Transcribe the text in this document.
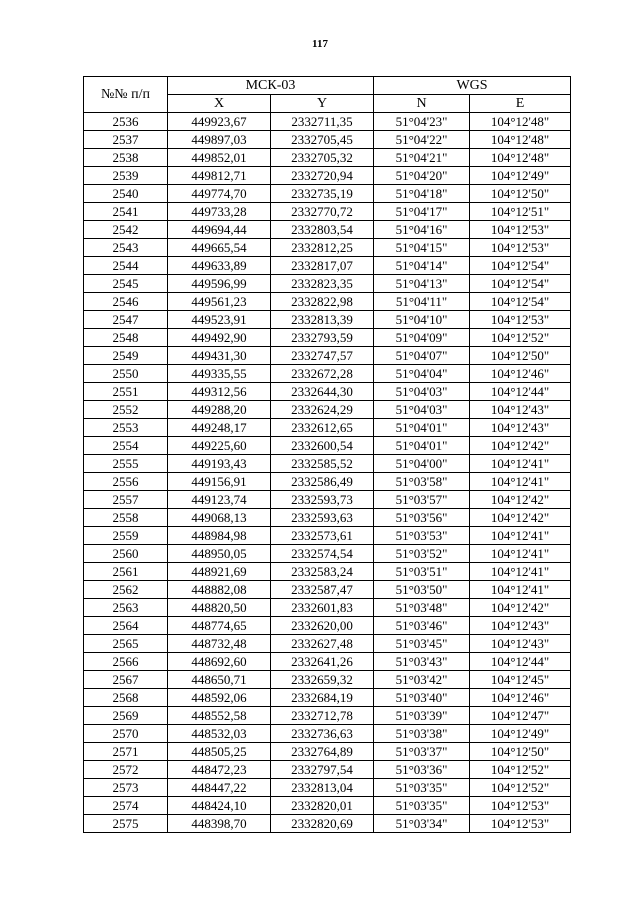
117
№№ п/п	МСК-03		WGS	
	X	Y	N	E
2536	449923,67	2332711,35	51°04'23"	104°12'48"
2537	449897,03	2332705,45	51°04'22"	104°12'48"
2538	449852,01	2332705,32	51°04'21"	104°12'48"
2539	449812,71	2332720,94	51°04'20"	104°12'49"
2540	449774,70	2332735,19	51°04'18"	104°12'50"
2541	449733,28	2332770,72	51°04'17"	104°12'51"
2542	449694,44	2332803,54	51°04'16"	104°12'53"
2543	449665,54	2332812,25	51°04'15"	104°12'53"
2544	449633,89	2332817,07	51°04'14"	104°12'54"
2545	449596,99	2332823,35	51°04'13"	104°12'54"
2546	449561,23	2332822,98	51°04'11"	104°12'54"
2547	449523,91	2332813,39	51°04'10"	104°12'53"
2548	449492,90	2332793,59	51°04'09"	104°12'52"
2549	449431,30	2332747,57	51°04'07"	104°12'50"
2550	449335,55	2332672,28	51°04'04"	104°12'46"
2551	449312,56	2332644,30	51°04'03"	104°12'44"
2552	449288,20	2332624,29	51°04'03"	104°12'43"
2553	449248,17	2332612,65	51°04'01"	104°12'43"
2554	449225,60	2332600,54	51°04'01"	104°12'42"
2555	449193,43	2332585,52	51°04'00"	104°12'41"
2556	449156,91	2332586,49	51°03'58"	104°12'41"
2557	449123,74	2332593,73	51°03'57"	104°12'42"
2558	449068,13	2332593,63	51°03'56"	104°12'42"
2559	448984,98	2332573,61	51°03'53"	104°12'41"
2560	448950,05	2332574,54	51°03'52"	104°12'41"
2561	448921,69	2332583,24	51°03'51"	104°12'41"
2562	448882,08	2332587,47	51°03'50"	104°12'41"
2563	448820,50	2332601,83	51°03'48"	104°12'42"
2564	448774,65	2332620,00	51°03'46"	104°12'43"
2565	448732,48	2332627,48	51°03'45"	104°12'43"
2566	448692,60	2332641,26	51°03'43"	104°12'44"
2567	448650,71	2332659,32	51°03'42"	104°12'45"
2568	448592,06	2332684,19	51°03'40"	104°12'46"
2569	448552,58	2332712,78	51°03'39"	104°12'47"
2570	448532,03	2332736,63	51°03'38"	104°12'49"
2571	448505,25	2332764,89	51°03'37"	104°12'50"
2572	448472,23	2332797,54	51°03'36"	104°12'52"
2573	448447,22	2332813,04	51°03'35"	104°12'52"
2574	448424,10	2332820,01	51°03'35"	104°12'53"
2575	448398,70	2332820,69	51°03'34"	104°12'53"
